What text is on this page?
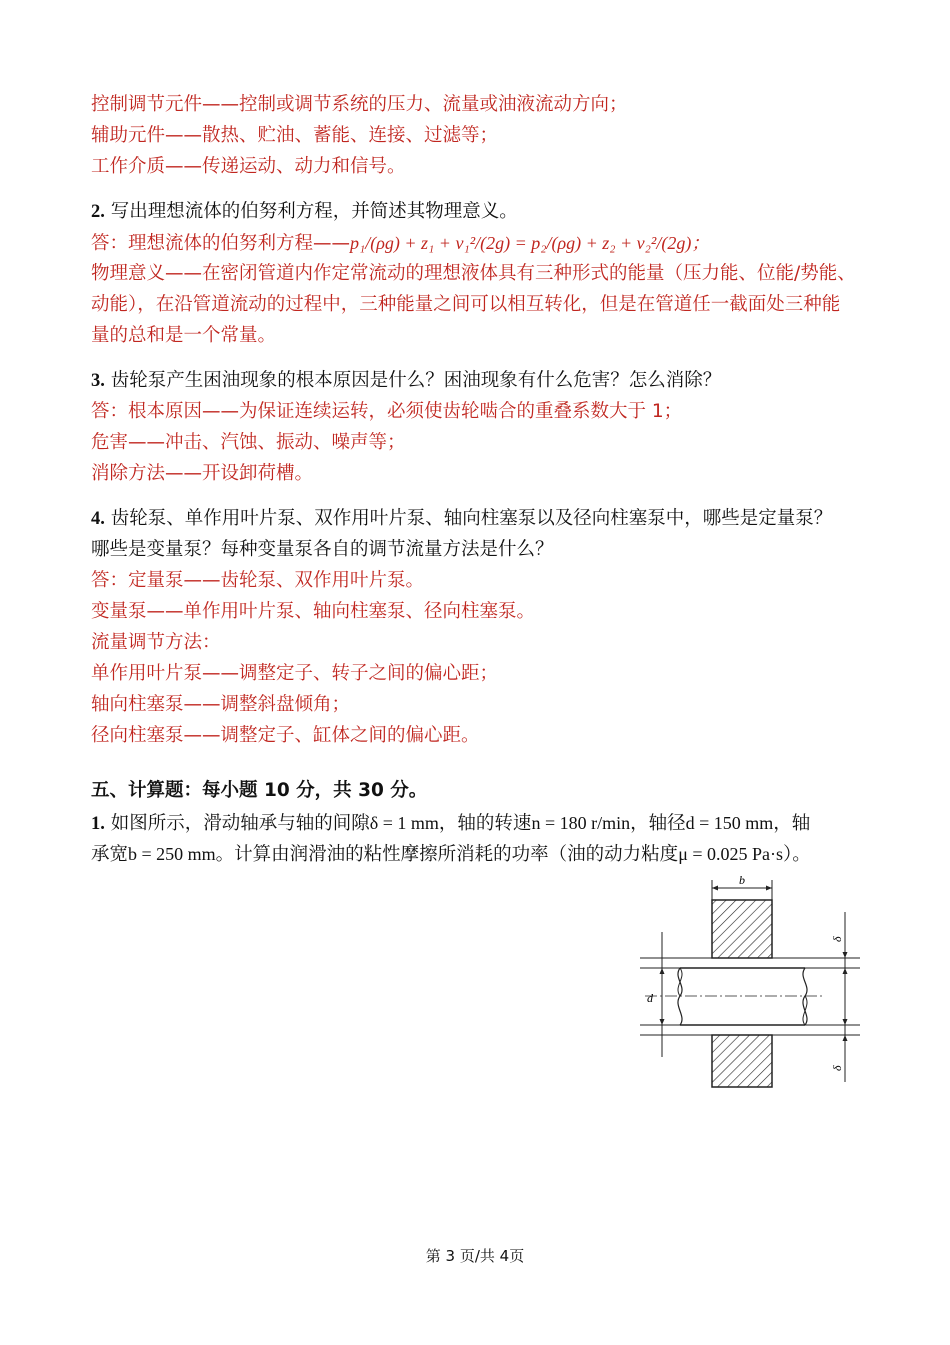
控制调节元件——控制或调节系统的压力、流量或油液流动方向；
辅助元件——散热、贮油、蓄能、连接、过滤等；
工作介质——传递运动、动力和信号。
2. 写出理想流体的伯努利方程，并简述其物理意义。
答：理想流体的伯努利方程——p₁/(ρg) + z₁ + v₁²/(2g) = p₂/(ρg) + z₂ + v₂²/(2g)；
物理意义——在密闭管道内作定常流动的理想液体具有三种形式的能量（压力能、位能/势能、
动能），在沿管道流动的过程中，三种能量之间可以相互转化，但是在管道任一截面处三种能
量的总和是一个常量。
3. 齿轮泵产生困油现象的根本原因是什么？困油现象有什么危害？怎么消除？
答：根本原因——为保证连续运转，必须使齿轮啮合的重叠系数大于 1；
危害——冲击、汽蚀、振动、噪声等；
消除方法——开设卸荷槽。
4. 齿轮泵、单作用叶片泵、双作用叶片泵、轴向柱塞泵以及径向柱塞泵中，哪些是定量泵？
哪些是变量泵？每种变量泵各自的调节流量方法是什么？
答：定量泵——齿轮泵、双作用叶片泵。
变量泵——单作用叶片泵、轴向柱塞泵、径向柱塞泵。
流量调节方法：
单作用叶片泵——调整定子、转子之间的偏心距；
轴向柱塞泵——调整斜盘倾角；
径向柱塞泵——调整定子、缸体之间的偏心距。
五、计算题：每小题 10 分，共 30 分。
1. 如图所示，滑动轴承与轴的间隙δ = 1 mm，轴的转速n = 180 r/min，轴径d = 150 mm，轴
承宽b = 250 mm。计算由润滑油的粘性摩擦所消耗的功率（油的动力粘度μ = 0.025 Pa·s）。
b
d
δ
δ
第 3 页/共 4页
